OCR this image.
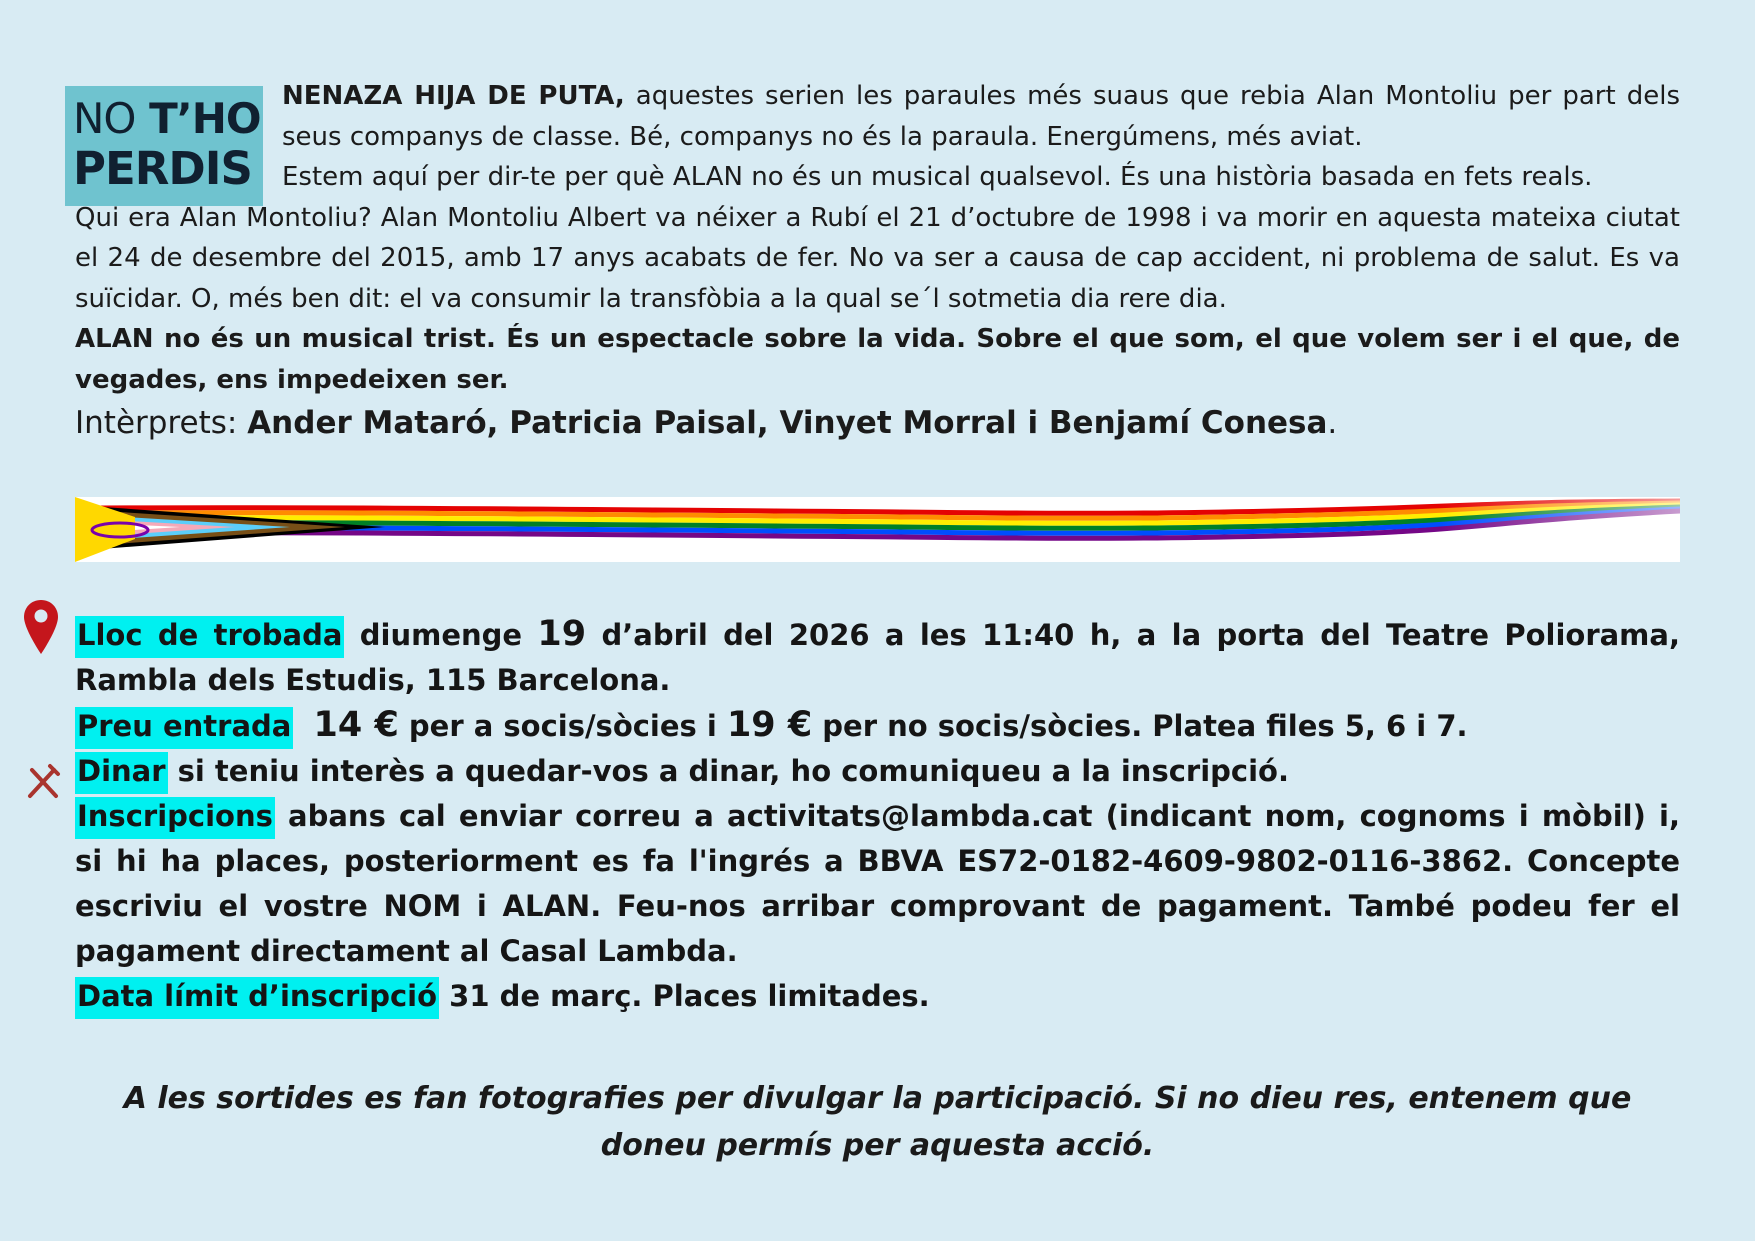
NO T’HO
PERDIS

NENAZA HIJA DE PUTA, aquestes serien les paraules més suaus que rebia Alan Montoliu per part dels seus companys de classe. Bé, companys no és la paraula. Energúmens, més aviat.

Estem aquí per dir-te per què ALAN no és un musical qualsevol. És una història basada en fets reals.

Qui era Alan Montoliu? Alan Montoliu Albert va néixer a Rubí el 21 d’octubre de 1998 i va morir en aquesta mateixa ciutat el 24 de desembre del 2015, amb 17 anys acabats de fer. No va ser a causa de cap accident, ni problema de salut. Es va suïcidar. O, més ben dit: el va consumir la transfòbia a la qual se´l sotmetia dia rere dia.

ALAN no és un musical trist. És un espectacle sobre la vida. Sobre el que som, el que volem ser i el que, de vegades, ens impedeixen ser.

Intèrprets: Ander Mataró, Patricia Paisal, Vinyet Morral i Benjamí Conesa.

Lloc de trobada diumenge 19 d’abril del 2026 a les 11:40 h, a la porta del Teatre Poliorama, Rambla dels Estudis, 115 Barcelona.

Preu entrada 14 € per a socis/sòcies i 19 € per no socis/sòcies. Platea files 5, 6 i 7.

Dinar si teniu interès a quedar-vos a dinar, ho comuniqueu a la inscripció.

Inscripcions abans cal enviar correu a activitats@lambda.cat (indicant nom, cognoms i mòbil) i, si hi ha places, posteriorment es fa l'ingrés a BBVA ES72-0182-4609-9802-0116-3862. Concepte escriviu el vostre NOM i ALAN. Feu-nos arribar comprovant de pagament. També podeu fer el pagament directament al Casal Lambda.

Data límit d’inscripció 31 de març. Places limitades.

A les sortides es fan fotografies per divulgar la participació. Si no dieu res, entenem que doneu permís per aquesta acció.
